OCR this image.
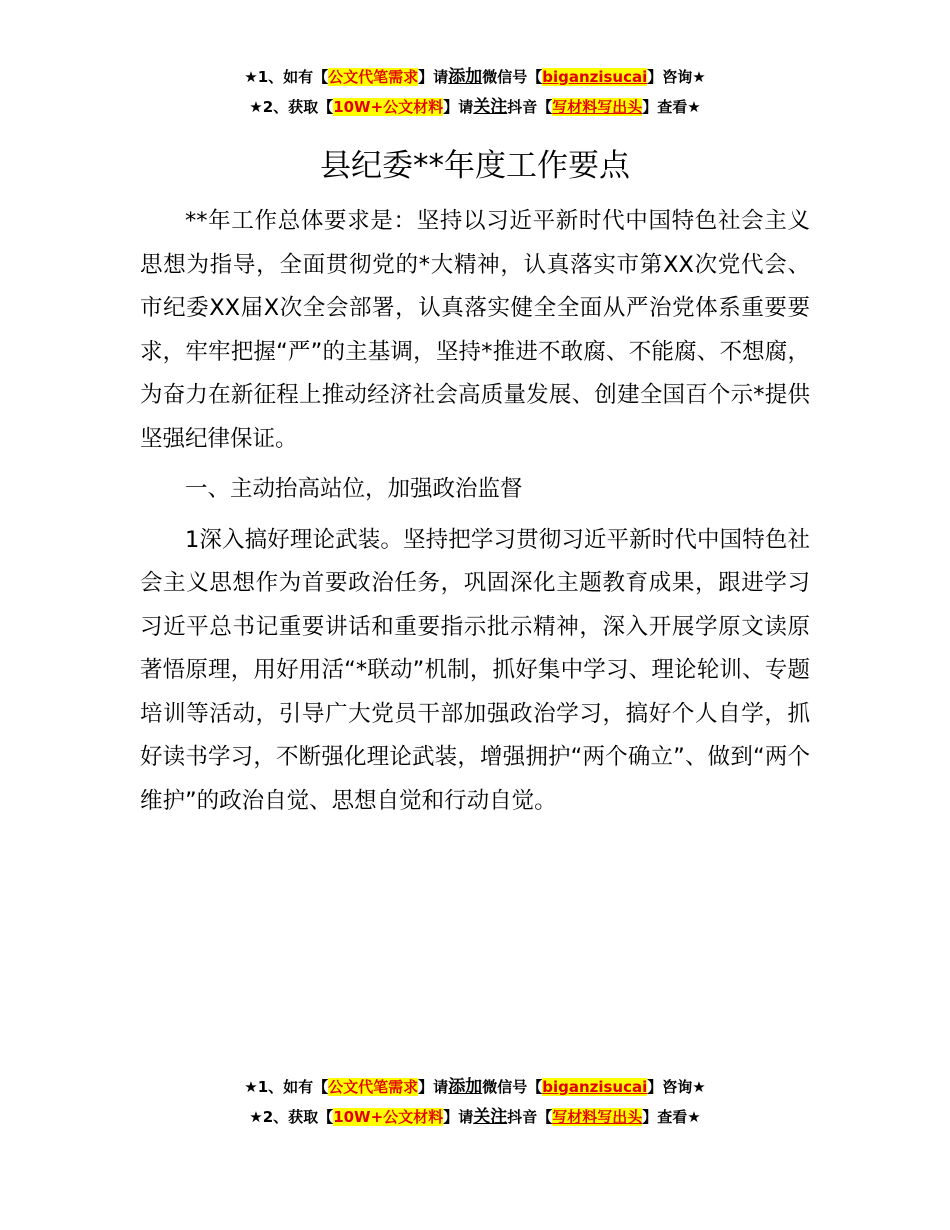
★1、如有【公文代笔需求】请添加微信号【biganzisucai】咨询★
★2、获取【10W+公文材料】请关注抖音【写材料写出头】查看★
县纪委**年度工作要点

**年工作总体要求是：坚持以习近平新时代中国特色社会主义思想为指导，全面贯彻党的*大精神，认真落实市第XX次党代会、市纪委XX届X次全会部署，认真落实健全全面从严治党体系重要要求，牢牢把握“严”的主基调，坚持*推进不敢腐、不能腐、不想腐，为奋力在新征程上推动经济社会高质量发展、创建全国百个示*提供坚强纪律保证。

一、主动抬高站位，加强政治监督

1深入搞好理论武装。坚持把学习贯彻习近平新时代中国特色社会主义思想作为首要政治任务，巩固深化主题教育成果，跟进学习习近平总书记重要讲话和重要指示批示精神，深入开展学原文读原著悟原理，用好用活“*联动”机制，抓好集中学习、理论轮训、专题培训等活动，引导广大党员干部加强政治学习，搞好个人自学，抓好读书学习，不断强化理论武装，增强拥护“两个确立”、做到“两个维护”的政治自觉、思想自觉和行动自觉。

★1、如有【公文代笔需求】请添加微信号【biganzisucai】咨询★
★2、获取【10W+公文材料】请关注抖音【写材料写出头】查看★
